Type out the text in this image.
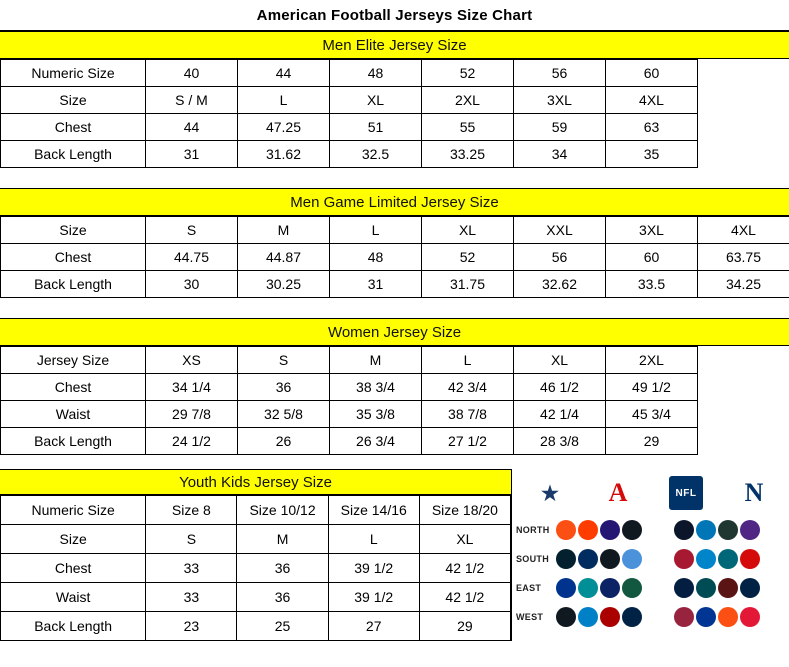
American Football Jerseys Size Chart
Men Elite Jersey Size
Numeric Size	40	44	48	52	56	60	
Size	S / M	L	XL	2XL	3XL	4XL	
Chest	44	47.25	51	55	59	63	
Back Length	31	31.62	32.5	33.25	34	35	
Men Game Limited Jersey Size
Size	S	M	L	XL	XXL	3XL	4XL
Chest	44.75	44.87	48	52	56	60	63.75
Back Length	30	30.25	31	31.75	32.62	33.5	34.25
Women Jersey Size
Jersey Size	XS	S	M	L	XL	2XL	
Chest	34 1/4	36	38 3/4	42 3/4	46 1/2	49 1/2	
Waist	29 7/8	32 5/8	35 3/8	38 7/8	42 1/4	45 3/4	
Back Length	24 1/2	26	26 3/4	27 1/2	28 3/8	29	
Youth Kids Jersey Size
Numeric Size	Size 8	Size 10/12	Size 14/16	Size 18/20
Size	S	M	L	XL
Chest	33	36	39 1/2	42 1/2
Waist	33	36	39 1/2	42 1/2
Back Length	23	25	27	29
★	A	NFL N
NORTH
SOUTH
EAST
WEST
